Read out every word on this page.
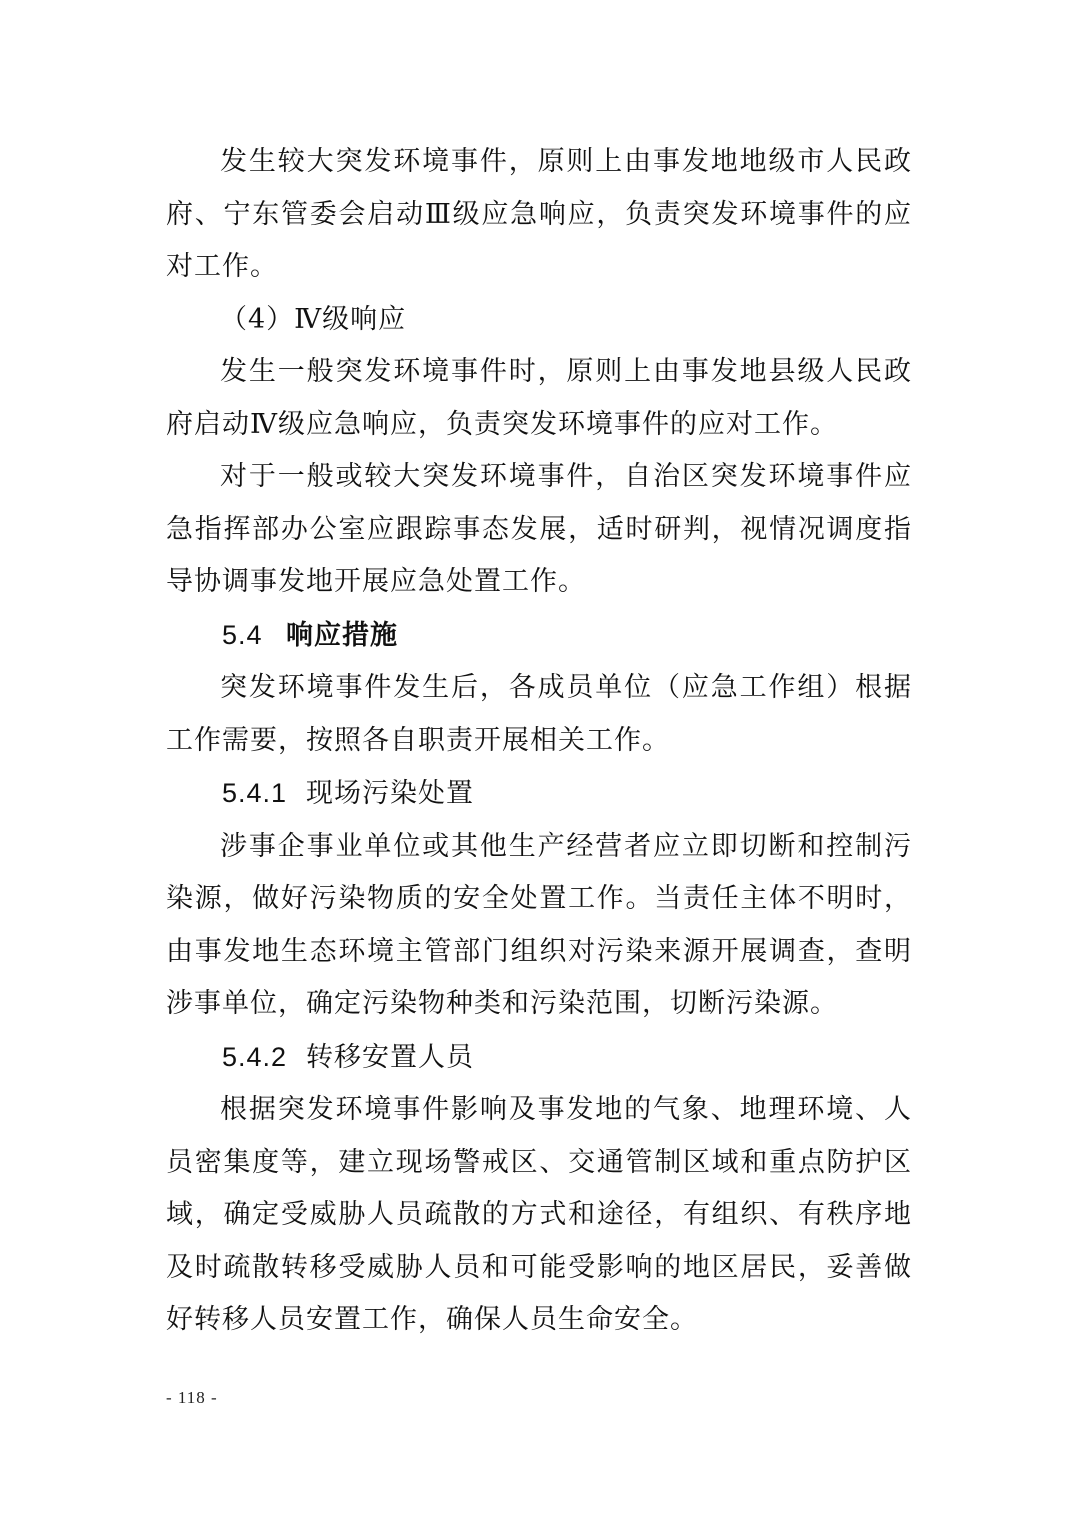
发生较大突发环境事件，原则上由事发地地级市人民政府、宁东管委会启动Ⅲ级应急响应，负责突发环境事件的应对工作。

（4）Ⅳ级响应

发生一般突发环境事件时，原则上由事发地县级人民政府启动Ⅳ级应急响应，负责突发环境事件的应对工作。

对于一般或较大突发环境事件，自治区突发环境事件应急指挥部办公室应跟踪事态发展，适时研判，视情况调度指导协调事发地开展应急处置工作。

5.4 响应措施

突发环境事件发生后，各成员单位（应急工作组）根据工作需要，按照各自职责开展相关工作。

5.4.1 现场污染处置

涉事企事业单位或其他生产经营者应立即切断和控制污染源，做好污染物质的安全处置工作。当责任主体不明时，由事发地生态环境主管部门组织对污染来源开展调查，查明涉事单位，确定污染物种类和污染范围，切断污染源。

5.4.2 转移安置人员

根据突发环境事件影响及事发地的气象、地理环境、人员密集度等，建立现场警戒区、交通管制区域和重点防护区域，确定受威胁人员疏散的方式和途径，有组织、有秩序地及时疏散转移受威胁人员和可能受影响的地区居民，妥善做好转移人员安置工作，确保人员生命安全。

- 118 -
